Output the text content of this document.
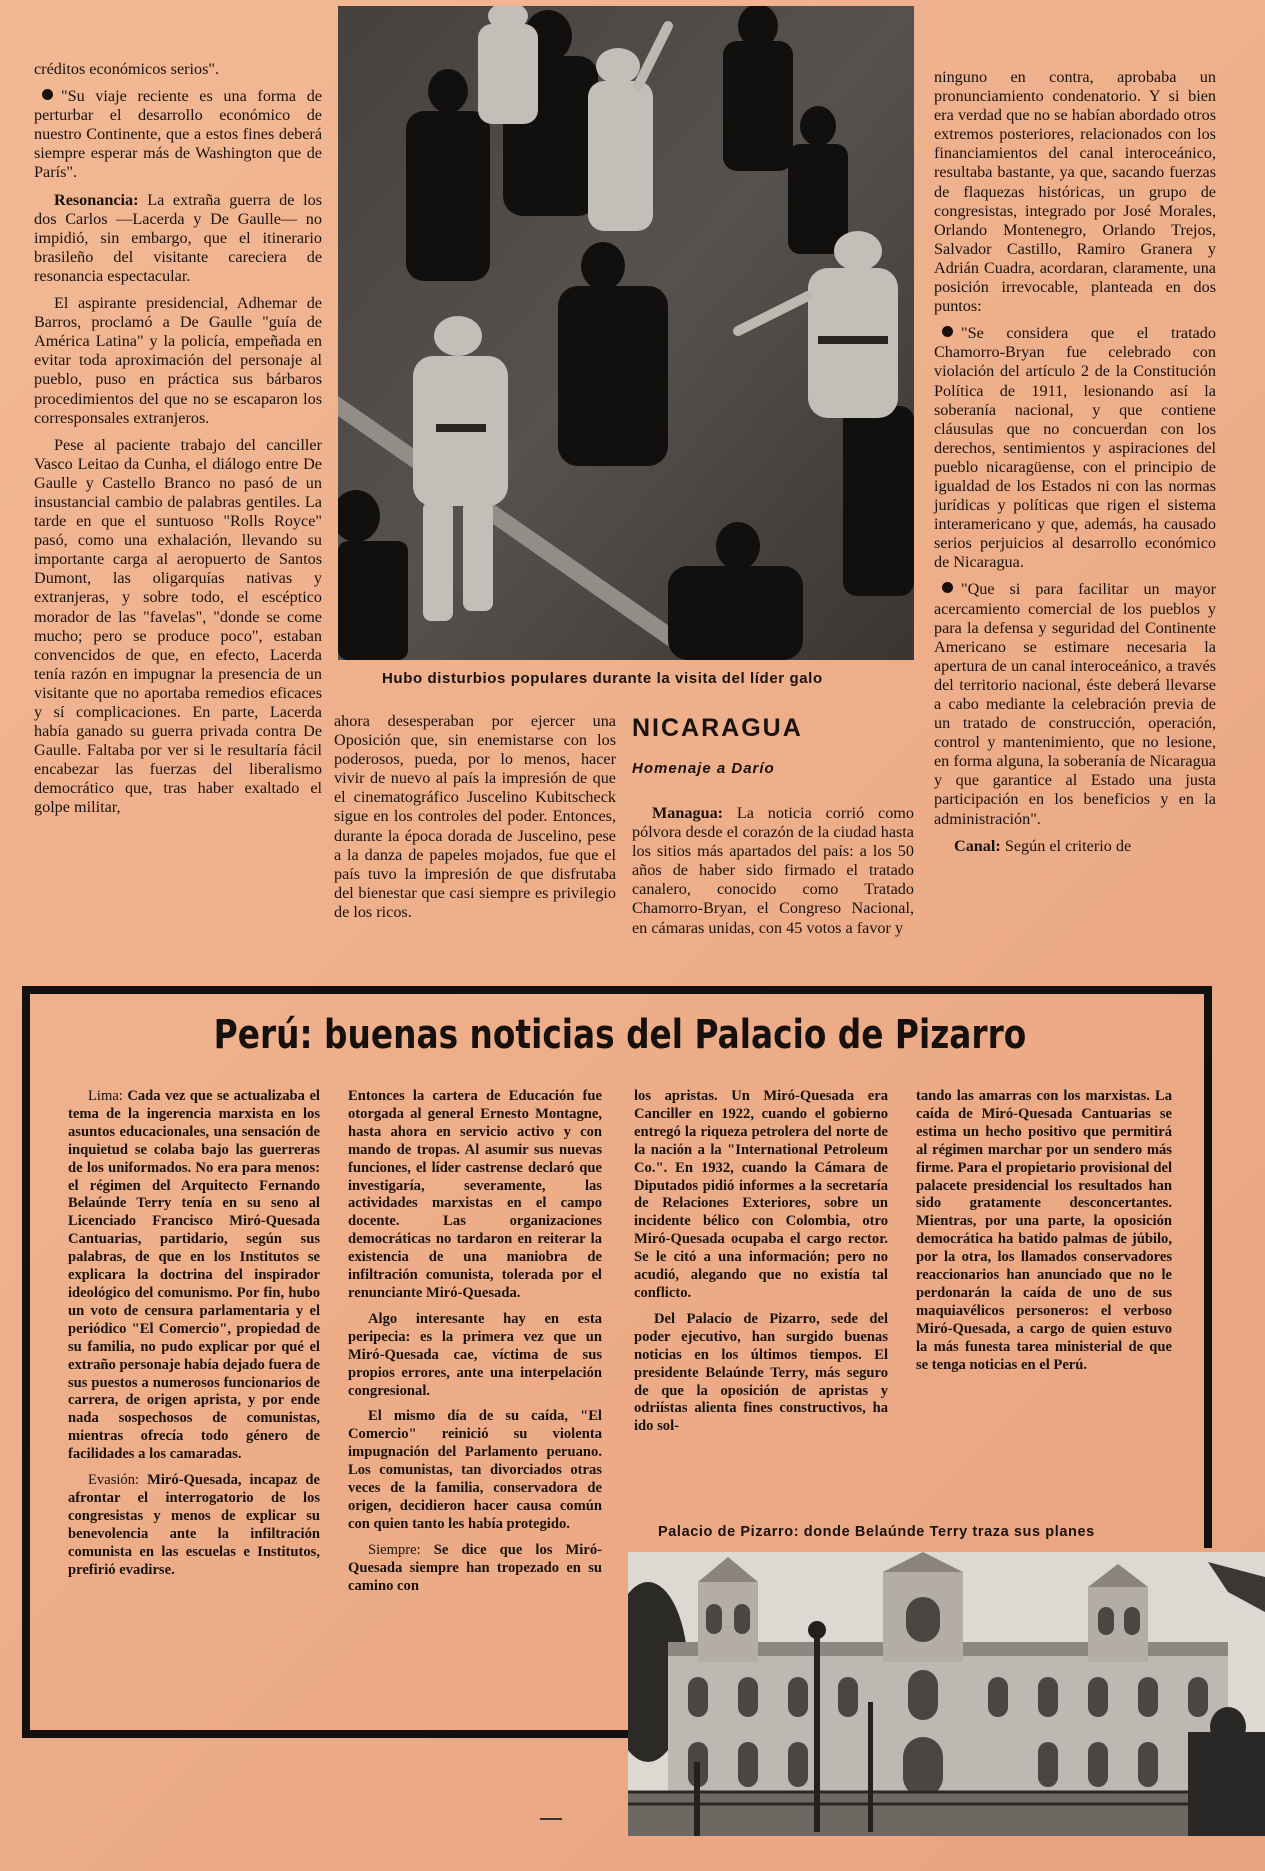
créditos económicos serios".

"Su viaje reciente es una forma de perturbar el desarrollo económico de nuestro Continente, que a estos fines deberá siempre esperar más de Washington que de París".

Resonancia: La extraña guerra de los dos Carlos —Lacerda y De Gaulle— no impidió, sin embargo, que el itinerario brasileño del visitante careciera de resonancia espectacular.

El aspirante presidencial, Adhemar de Barros, proclamó a De Gaulle "guía de América Latina" y la policía, empeñada en evitar toda aproximación del personaje al pueblo, puso en práctica sus bárbaros procedimientos del que no se escaparon los corresponsales extranjeros.

Pese al paciente trabajo del canciller Vasco Leitao da Cunha, el diálogo entre De Gaulle y Castello Branco no pasó de un insustancial cambio de palabras gentiles. La tarde en que el suntuoso "Rolls Royce" pasó, como una exhalación, llevando su importante carga al aeropuerto de Santos Dumont, las oligarquías nativas y extranjeras, y sobre todo, el escéptico morador de las "favelas", "donde se come mucho; pero se produce poco", estaban convencidos de que, en efecto, Lacerda tenía razón en impugnar la presencia de un visitante que no aportaba remedios eficaces y sí complicaciones. En parte, Lacerda había ganado su guerra privada contra De Gaulle. Faltaba por ver si le resultaría fácil encabezar las fuerzas del liberalismo democrático que, tras haber exaltado el golpe militar,

Hubo disturbios populares durante la visita del líder galo

ahora desesperaban por ejercer una Oposición que, sin enemistarse con los poderosos, pueda, por lo menos, hacer vivir de nuevo al país la impresión de que el cinematográfico Juscelino Kubitscheck sigue en los controles del poder. Entonces, durante la época dorada de Juscelino, pese a la danza de papeles mojados, fue que el país tuvo la impresión de que disfrutaba del bienestar que casi siempre es privilegio de los ricos.

NICARAGUA
Homenaje a Darío

Managua: La noticia corrió como pólvora desde el corazón de la ciudad hasta los sitios más apartados del país: a los 50 años de haber sido firmado el tratado canalero, conocido como Tratado Chamorro-Bryan, el Congreso Nacional, en cámaras unidas, con 45 votos a favor y

ninguno en contra, aprobaba un pronunciamiento condenatorio. Y si bien era verdad que no se habían abordado otros extremos posteriores, relacionados con los financiamientos del canal interoceánico, resultaba bastante, ya que, sacando fuerzas de flaquezas históricas, un grupo de congresistas, integrado por José Morales, Orlando Montenegro, Orlando Trejos, Salvador Castillo, Ramiro Granera y Adrián Cuadra, acordaran, claramente, una posición irrevocable, planteada en dos puntos:

"Se considera que el tratado Chamorro-Bryan fue celebrado con violación del artículo 2 de la Constitución Política de 1911, lesionando así la soberanía nacional, y que contiene cláusulas que no concuerdan con los derechos, sentimientos y aspiraciones del pueblo nicaragüense, con el principio de igualdad de los Estados ni con las normas jurídicas y políticas que rigen el sistema interamericano y que, además, ha causado serios perjuicios al desarrollo económico de Nicaragua.

"Que si para facilitar un mayor acercamiento comercial de los pueblos y para la defensa y seguridad del Continente Americano se estimare necesaria la apertura de un canal interoceánico, a través del territorio nacional, éste deberá llevarse a cabo mediante la celebración previa de un tratado de construcción, operación, control y mantenimiento, que no lesione, en forma alguna, la soberanía de Nicaragua y que garantice al Estado una justa participación en los beneficios y en la administración".

Canal: Según el criterio de

Perú: buenas noticias del Palacio de Pizarro

Lima: Cada vez que se actualizaba el tema de la ingerencia marxista en los asuntos educacionales, una sensación de inquietud se colaba bajo las guerreras de los uniformados. No era para menos: el régimen del Arquitecto Fernando Belaúnde Terry tenía en su seno al Licenciado Francisco Miró-Quesada Cantuarias, partidario, según sus palabras, de que en los Institutos se explicara la doctrina del inspirador ideológico del comunismo. Por fin, hubo un voto de censura parlamentaria y el periódico "El Comercio", propiedad de su familia, no pudo explicar por qué el extraño personaje había dejado fuera de sus puestos a numerosos funcionarios de carrera, de origen aprista, y por ende nada sospechosos de comunistas, mientras ofrecía todo género de facilidades a los camaradas.

Evasión: Miró-Quesada, incapaz de afrontar el interrogatorio de los congresistas y menos de explicar su benevolencia ante la infiltración comunista en las escuelas e Institutos, prefirió evadirse.

Entonces la cartera de Educación fue otorgada al general Ernesto Montagne, hasta ahora en servicio activo y con mando de tropas. Al asumir sus nuevas funciones, el líder castrense declaró que investigaría, severamente, las actividades marxistas en el campo docente. Las organizaciones democráticas no tardaron en reiterar la existencia de una maniobra de infiltración comunista, tolerada por el renunciante Miró-Quesada.

Algo interesante hay en esta peripecia: es la primera vez que un Miró-Quesada cae, víctima de sus propios errores, ante una interpelación congresional.

El mismo día de su caída, "El Comercio" reinició su violenta impugnación del Parlamento peruano. Los comunistas, tan divorciados otras veces de la familia, conservadora de origen, decidieron hacer causa común con quien tanto les había protegido.

Siempre: Se dice que los Miró-Quesada siempre han tropezado en su camino con

los apristas. Un Miró-Quesada era Canciller en 1922, cuando el gobierno entregó la riqueza petrolera del norte de la nación a la "International Petroleum Co.". En 1932, cuando la Cámara de Diputados pidió informes a la secretaría de Relaciones Exteriores, sobre un incidente bélico con Colombia, otro Miró-Quesada ocupaba el cargo rector. Se le citó a una información; pero no acudió, alegando que no existía tal conflicto.

Del Palacio de Pizarro, sede del poder ejecutivo, han surgido buenas noticias en los últimos tiempos. El presidente Belaúnde Terry, más seguro de que la oposición de apristas y odriístas alienta fines constructivos, ha ido sol-

tando las amarras con los marxistas. La caída de Miró-Quesada Cantuarias se estima un hecho positivo que permitirá al régimen marchar por un sendero más firme. Para el propietario provisional del palacete presidencial los resultados han sido gratamente desconcertantes. Mientras, por una parte, la oposición democrática ha batido palmas de júbilo, por la otra, los llamados conservadores reaccionarios han anunciado que no le perdonarán la caída de uno de sus maquiavélicos personeros: el verboso Miró-Quesada, a cargo de quien estuvo la más funesta tarea ministerial de que se tenga noticias en el Perú.

Palacio de Pizarro: donde Belaúnde Terry traza sus planes
